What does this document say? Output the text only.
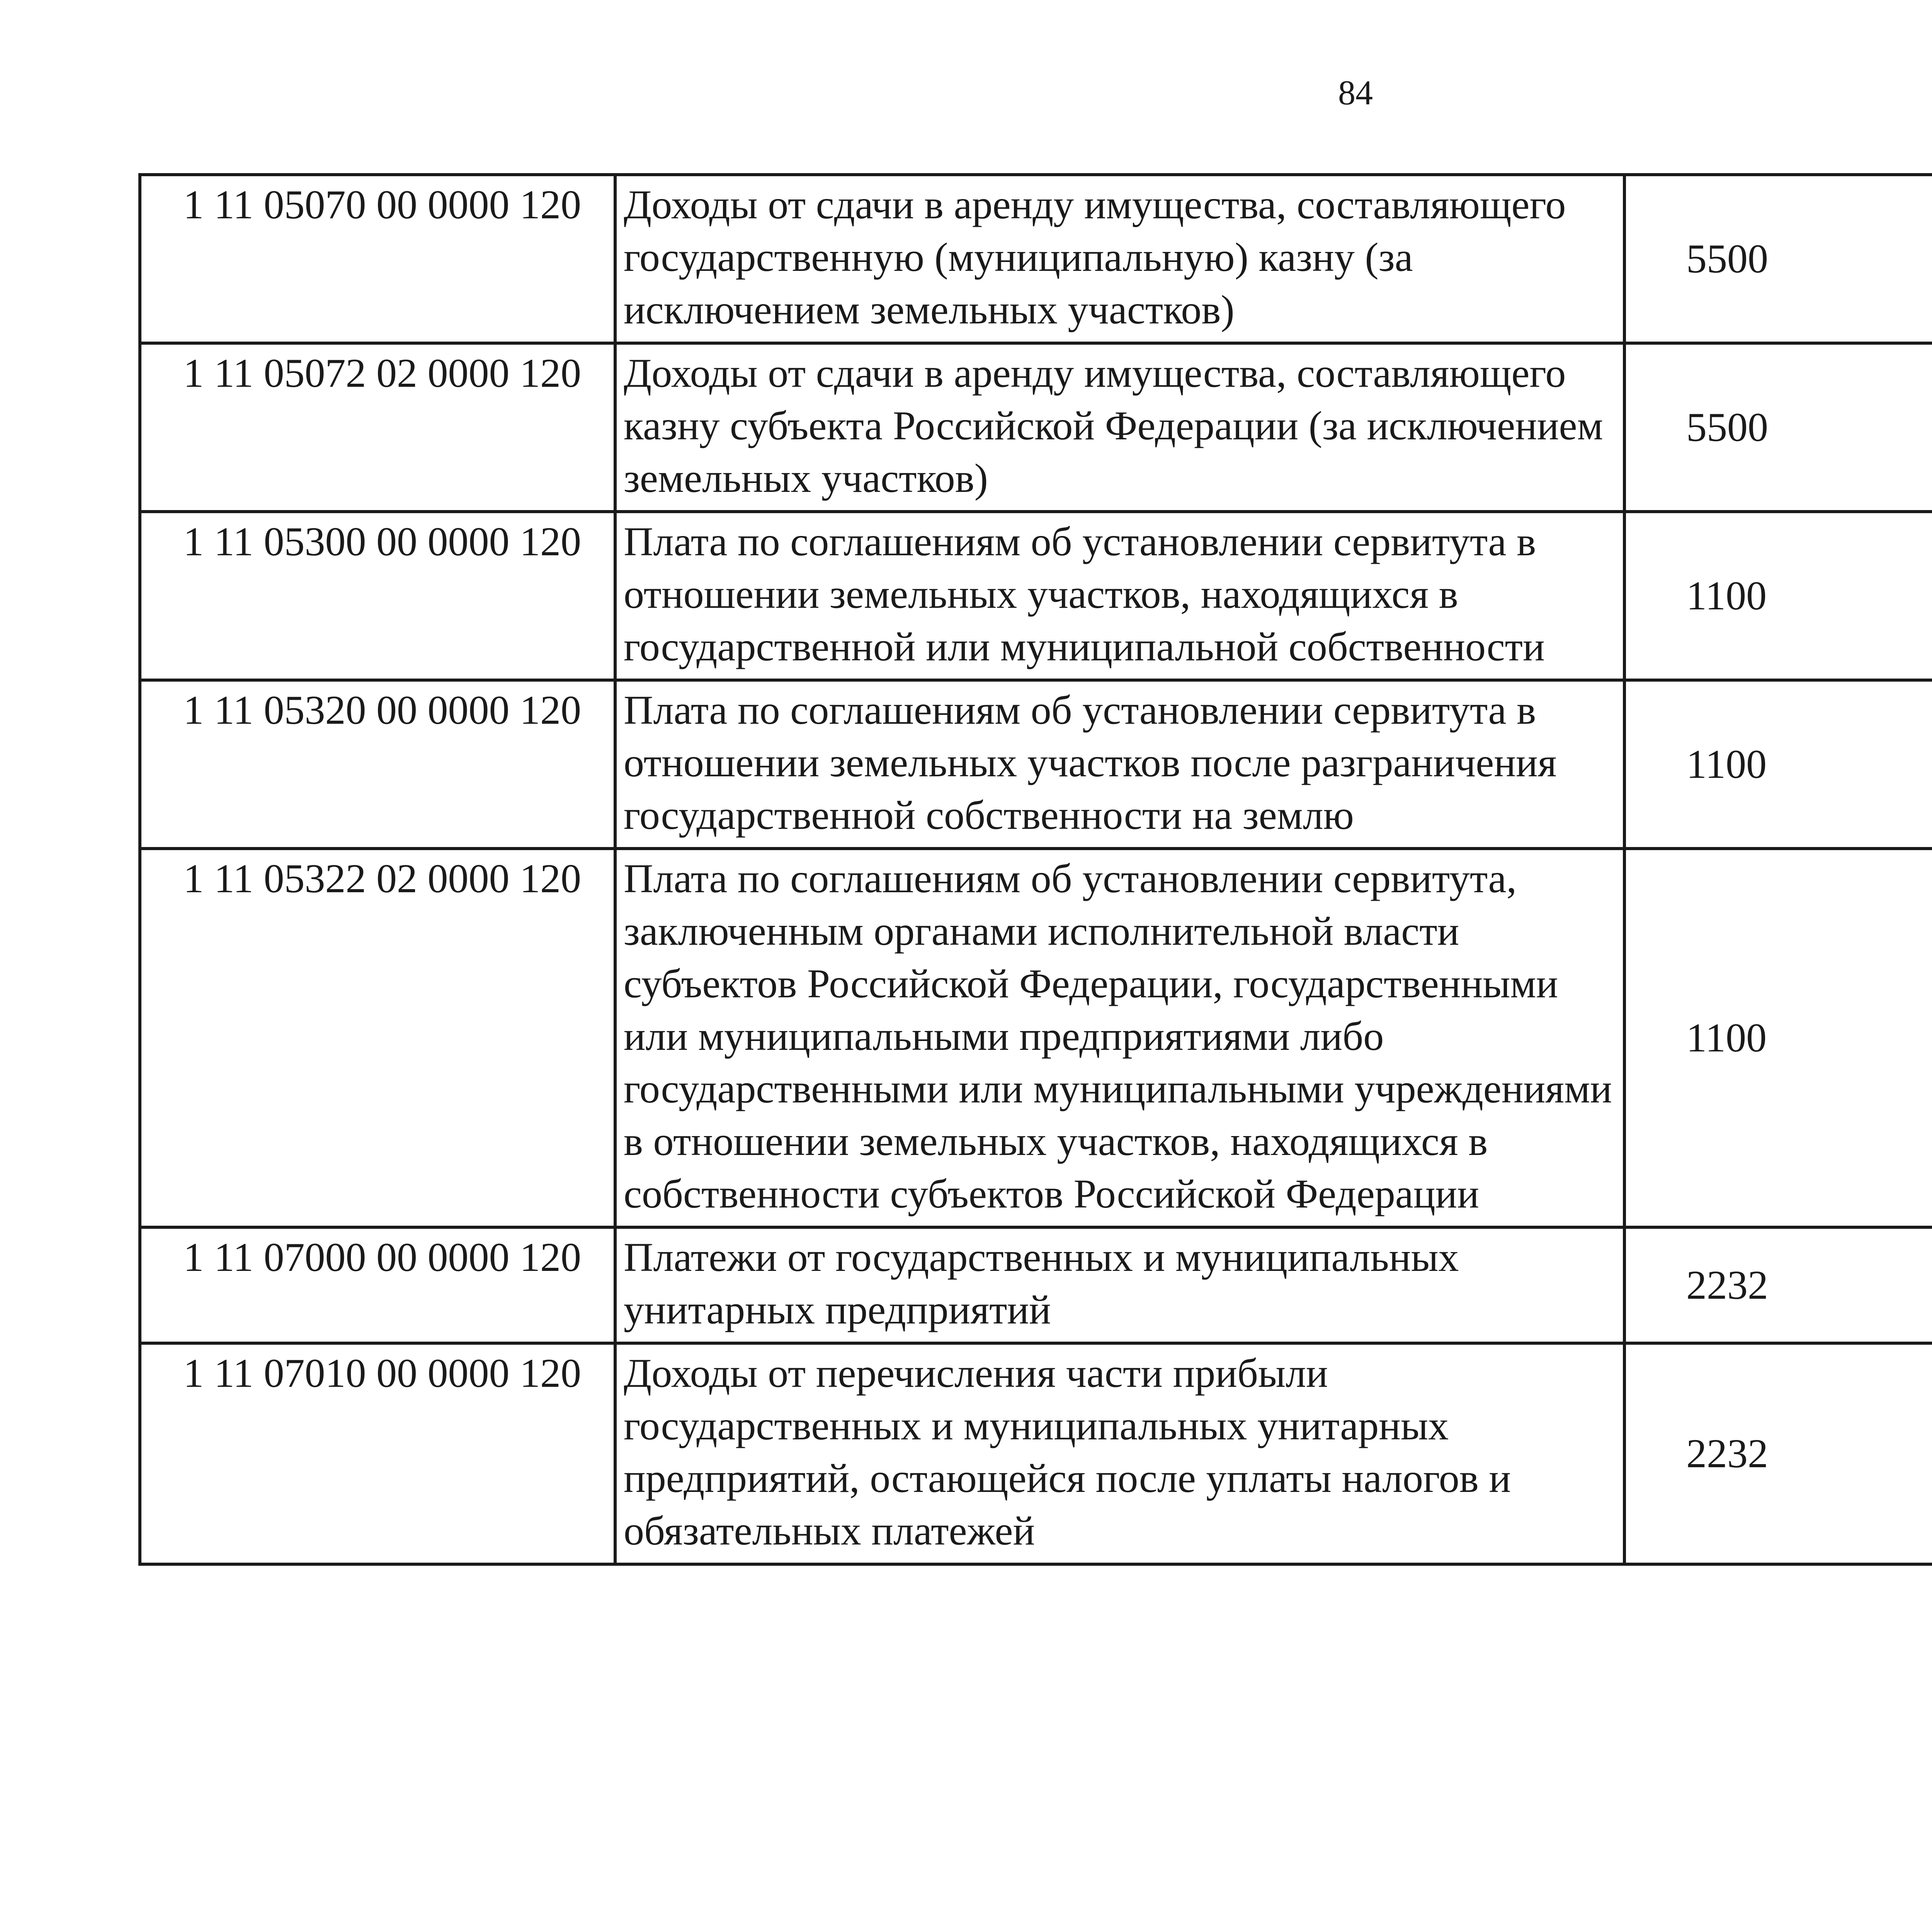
84
1 11 05070 00 0000 120	Доходы от сдачи в аренду имущества, составляющего государственную (муниципальную) казну (за исключением земельных участков)	5500		
1 11 05072 02 0000 120	Доходы от сдачи в аренду имущества, составляющего казну субъекта Российской Федерации (за исключением земельных участков)	5500		
1 11 05300 00 0000 120	Плата по соглашениям об установлении сервитута в отношении земельных участков, находящихся в государственной или муниципальной собственности	1100		
1 11 05320 00 0000 120	Плата по соглашениям об установлении сервитута в отношении земельных участков после разграничения государственной собственности на землю	1100		
1 11 05322 02 0000 120	Плата по соглашениям об установлении сервитута, заключенным органами исполнительной власти субъектов Российской Федерации, государственными или муниципальными предприятиями либо государственными или муниципальными учреждениями в отношении земельных участков, находящихся в собственности субъектов Российской Федерации	1100		
1 11 07000 00 0000 120	Платежи от государственных и муниципальных унитарных предприятий	2232		
1 11 07010 00 0000 120	Доходы от перечисления части прибыли государственных и муниципальных унитарных предприятий, остающейся после уплаты налогов и обязательных платежей	2232		
